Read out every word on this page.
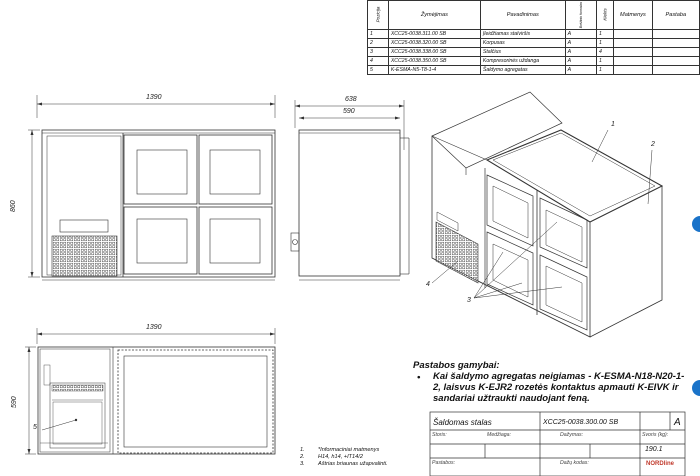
Pozicija	Žymėjimas	Pavadinimas	Brėžinio formatas	Kiekis	Matmenys	Pastaba
1	XCC25-0038.311.00 SB	Įleidžiamas stalviršis	A	1		
2	XCC25-0038.320.00 SB	Korpusas	A	1		
3	XCC25-0038.338.00 SB	Stalčius	A	4		
4	XCC25-0038.350.00 SB	Kompresorinės uždanga	A	1		
5	K-ESMA-N5-T8-1-4	Šaldymo agregatas	A	1		
1390
860
638
590
1390
590
1
2
3
4
5
Pastabos gamybai:
•	Kai šaldymo agregatas neigiamas - K-ESMA-N18-N20-1-2, laisvus K-EJR2 rozetės kontaktus apmauti K-EIVK ir sandariai užtraukti naudojant feną.
Šaldomas stalas	XCC25-0038.300.00 SB	A
Storis:	Medžiaga:	Dažymas:	Svoris (kg):
190.1
Pastabos:	Dažų kodas:	NORDline
1. *Informaciniai matmenys
2. H14, h14, +IT14/2
3. Aštrias briaunas užapvalinti.
